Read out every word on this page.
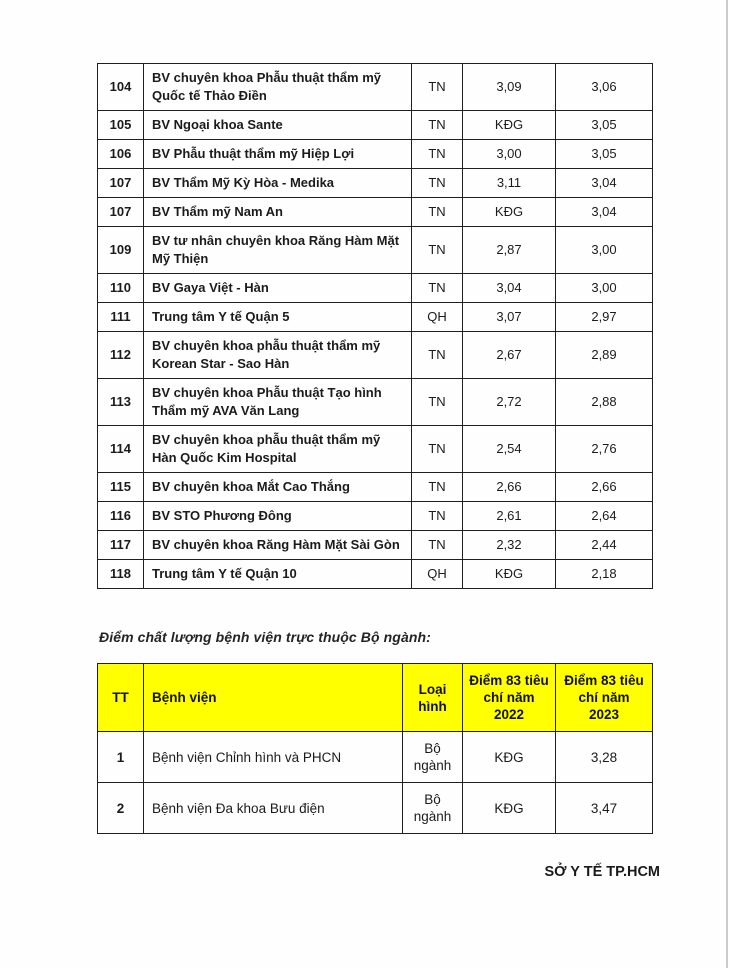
104	BV chuyên khoa Phẫu thuật thẩm mỹ Quốc tế Thảo Điền	TN	3,09	3,06
105	BV Ngoại khoa Sante	TN	KĐG	3,05
106	BV Phẫu thuật thẩm mỹ Hiệp Lợi	TN	3,00	3,05
107	BV Thẩm Mỹ Kỳ Hòa - Medika	TN	3,11	3,04
107	BV Thẩm mỹ Nam An	TN	KĐG	3,04
109	BV tư nhân chuyên khoa Răng Hàm Mặt Mỹ Thiện	TN	2,87	3,00
110	BV Gaya Việt - Hàn	TN	3,04	3,00
111	Trung tâm Y tế Quận 5	QH	3,07	2,97
112	BV chuyên khoa phẫu thuật thẩm mỹ Korean Star - Sao Hàn	TN	2,67	2,89
113	BV chuyên khoa Phẫu thuật Tạo hình Thẩm mỹ AVA Văn Lang	TN	2,72	2,88
114	BV chuyên khoa phẫu thuật thẩm mỹ Hàn Quốc Kim Hospital	TN	2,54	2,76
115	BV chuyên khoa Mắt Cao Thắng	TN	2,66	2,66
116	BV STO Phương Đông	TN	2,61	2,64
117	BV chuyên khoa Răng Hàm Mặt Sài Gòn	TN	2,32	2,44
118	Trung tâm Y tế Quận 10	QH	KĐG	2,18
Điểm chất lượng bệnh viện trực thuộc Bộ ngành:
TT	Bệnh viện	Loại hình	Điểm 83 tiêu chí năm 2022	Điểm 83 tiêu chí năm 2023
1	Bệnh viện Chỉnh hình và PHCN	Bộ ngành	KĐG	3,28
2	Bệnh viện Đa khoa Bưu điện	Bộ ngành	KĐG	3,47
SỞ Y TẾ TP.HCM
